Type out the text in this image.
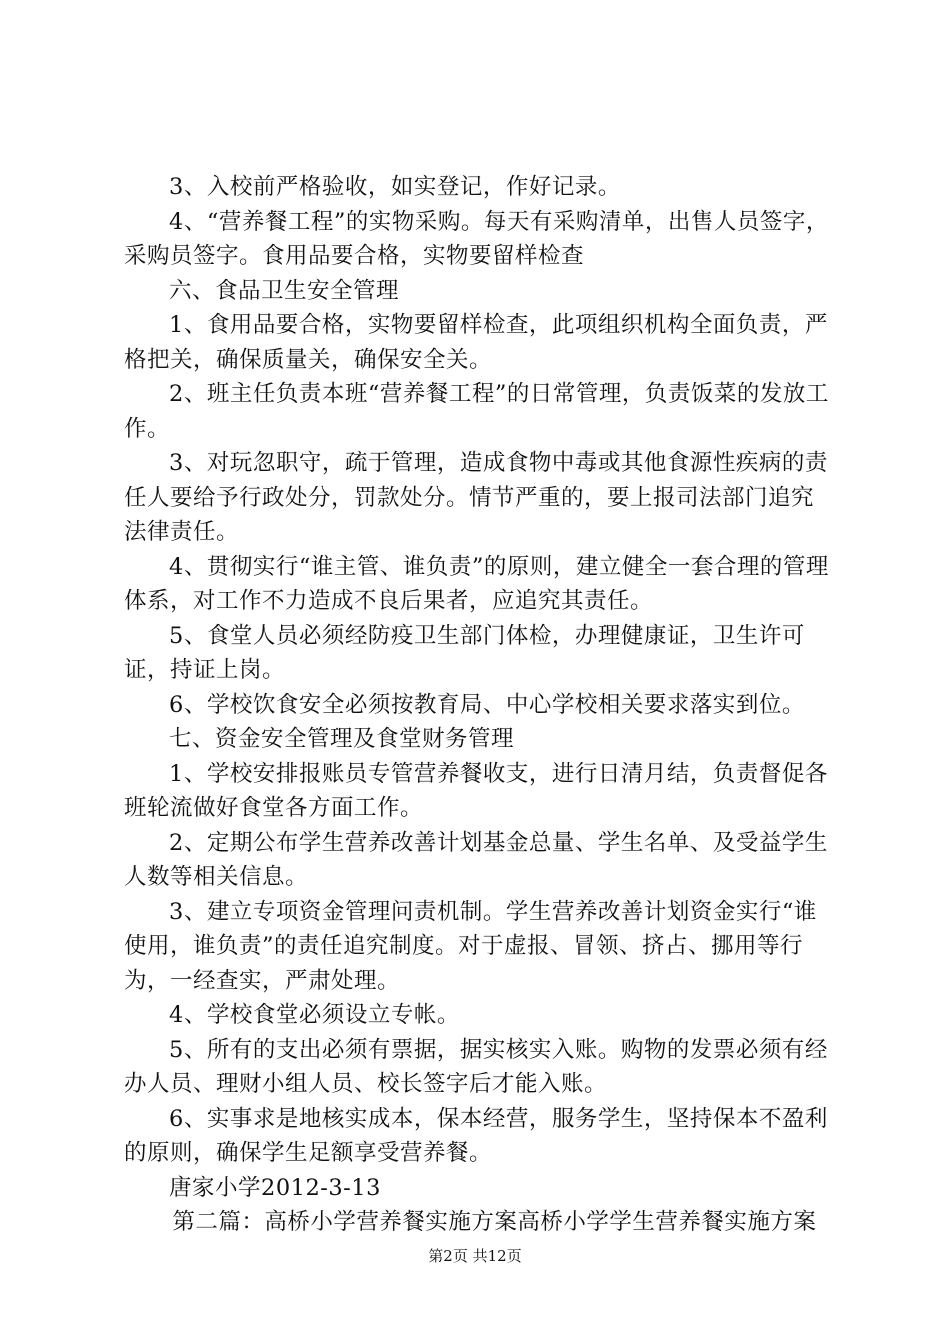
3、入校前严格验收，如实登记，作好记录。

4、“营养餐工程”的实物采购。每天有采购清单，出售人员签字，采购员签字。食用品要合格，实物要留样检查

六、食品卫生安全管理

1、食用品要合格，实物要留样检查，此项组织机构全面负责，严格把关，确保质量关，确保安全关。

2、班主任负责本班“营养餐工程”的日常管理，负责饭菜的发放工作。

3、对玩忽职守，疏于管理，造成食物中毒或其他食源性疾病的责任人要给予行政处分，罚款处分。情节严重的，要上报司法部门追究法律责任。

4、贯彻实行“谁主管、谁负责”的原则，建立健全一套合理的管理体系，对工作不力造成不良后果者，应追究其责任。

5、食堂人员必须经防疫卫生部门体检，办理健康证，卫生许可证，持证上岗。

6、学校饮食安全必须按教育局、中心学校相关要求落实到位。

七、资金安全管理及食堂财务管理

1、学校安排报账员专管营养餐收支，进行日清月结，负责督促各班轮流做好食堂各方面工作。

2、定期公布学生营养改善计划基金总量、学生名单、及受益学生人数等相关信息。

3、建立专项资金管理问责机制。学生营养改善计划资金实行“谁使用，谁负责”的责任追究制度。对于虚报、冒领、挤占、挪用等行为，一经查实，严肃处理。

4、学校食堂必须设立专帐。

5、所有的支出必须有票据，据实核实入账。购物的发票必须有经办人员、理财小组人员、校长签字后才能入账。

6、实事求是地核实成本，保本经营，服务学生，坚持保本不盈利的原则，确保学生足额享受营养餐。

唐家小学2012-3-13

第二篇：高桥小学营养餐实施方案高桥小学学生营养餐实施方案

第2页 共12页
